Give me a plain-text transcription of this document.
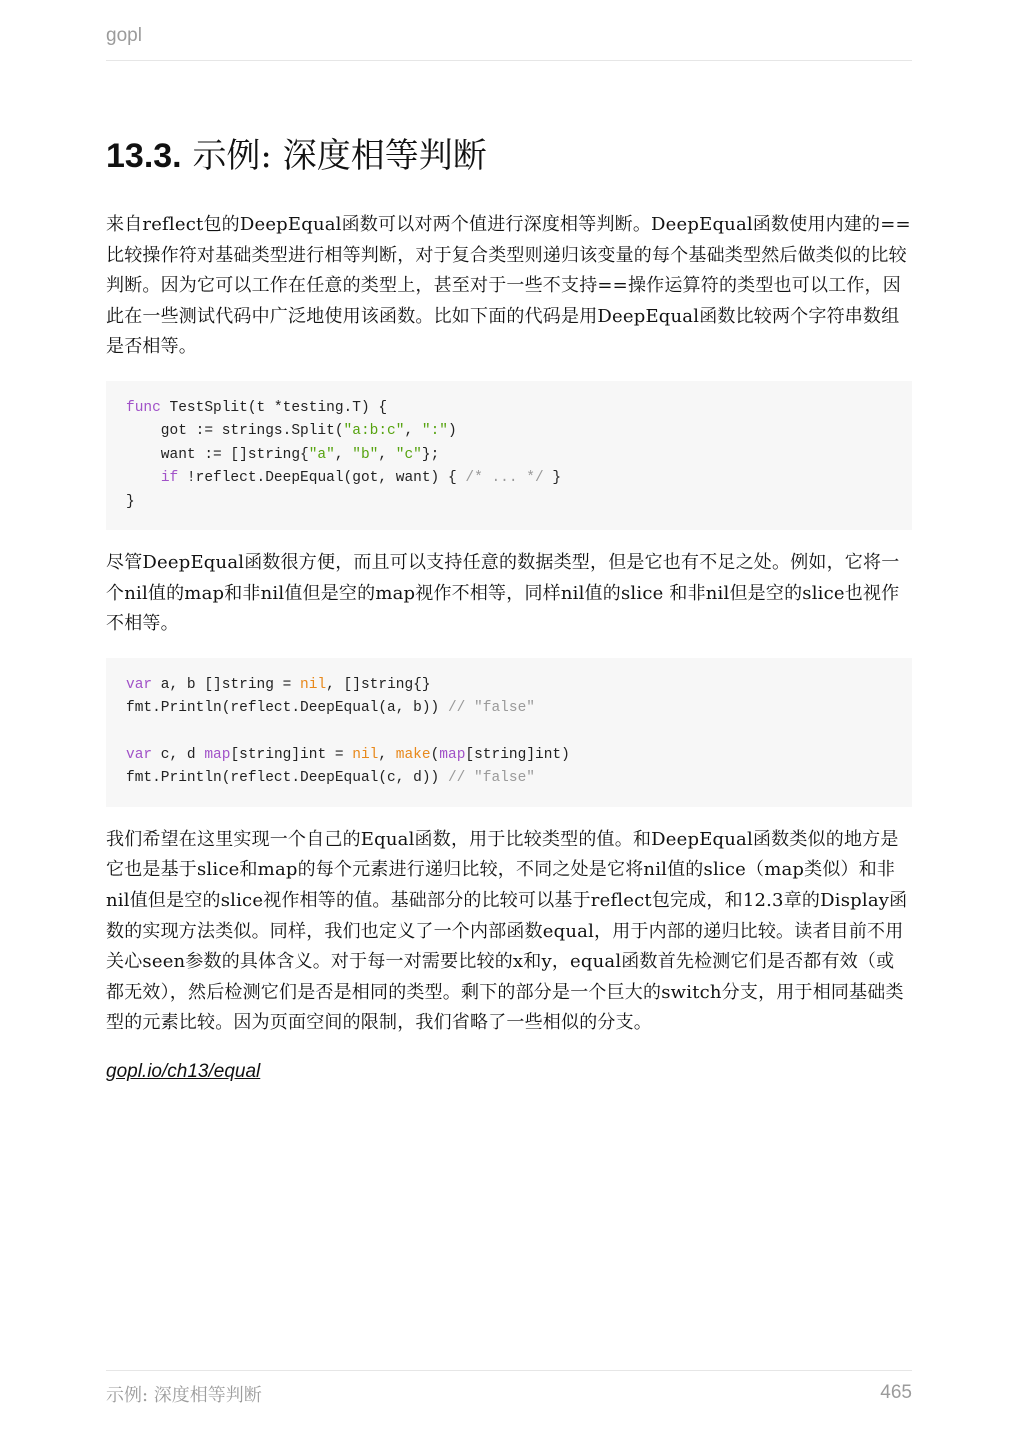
gopl
13.3. 示例: 深度相等判断

来自reflect包的DeepEqual函数可以对两个值进行深度相等判断。DeepEqual函数使用内建的==比较操作符对基础类型进行相等判断，对于复合类型则递归该变量的每个基础类型然后做类似的比较判断。因为它可以工作在任意的类型上，甚至对于一些不支持==操作运算符的类型也可以工作，因此在一些测试代码中广泛地使用该函数。比如下面的代码是用DeepEqual函数比较两个字符串数组是否相等。

func TestSplit(t *testing.T) {
got := strings.Split("a:b:c", ":")
want := []string{"a", "b", "c"};
if !reflect.DeepEqual(got, want) { /* ... */ }
}

尽管DeepEqual函数很方便，而且可以支持任意的数据类型，但是它也有不足之处。例如，它将一个nil值的map和非nil值但是空的map视作不相等，同样nil值的slice 和非nil但是空的slice也视作不相等。

var a, b []string = nil, []string{}
fmt.Println(reflect.DeepEqual(a, b)) // "false"
var c, d map[string]int = nil, make(map[string]int)
fmt.Println(reflect.DeepEqual(c, d)) // "false"

我们希望在这里实现一个自己的Equal函数，用于比较类型的值。和DeepEqual函数类似的地方是它也是基于slice和map的每个元素进行递归比较，不同之处是它将nil值的slice（map类似）和非nil值但是空的slice视作相等的值。基础部分的比较可以基于reflect包完成，和12.3章的Display函数的实现方法类似。同样，我们也定义了一个内部函数equal，用于内部的递归比较。读者目前不用关心seen参数的具体含义。对于每一对需要比较的x和y，equal函数首先检测它们是否都有效（或都无效），然后检测它们是否是相同的类型。剩下的部分是一个巨大的switch分支，用于相同基础类型的元素比较。因为页面空间的限制，我们省略了一些相似的分支。

gopl.io/ch13/equal
示例: 深度相等判断	465
